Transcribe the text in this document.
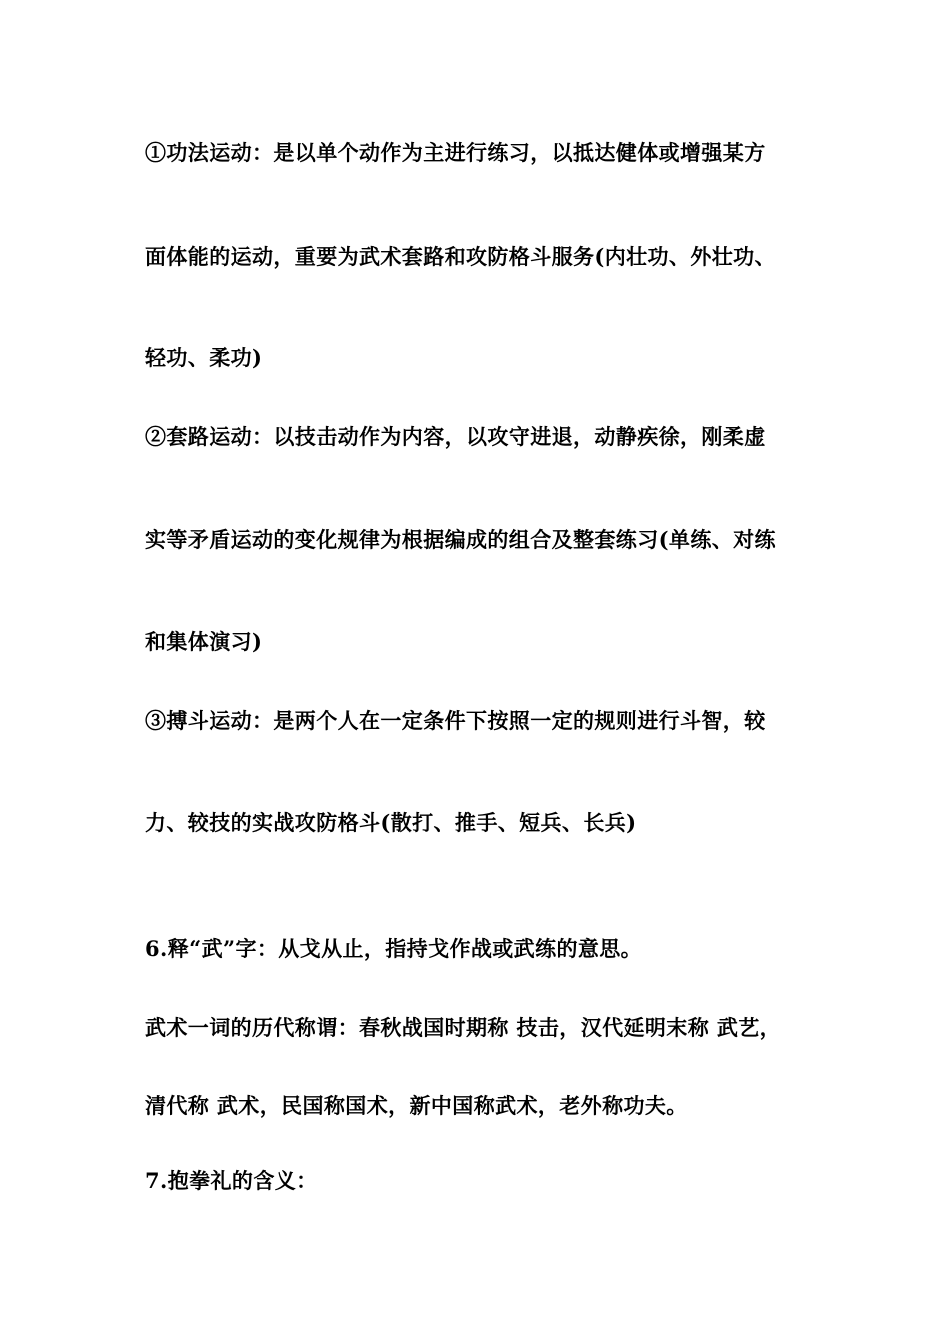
①功法运动：是以单个动作为主进行练习，以抵达健体或增强某方
面体能的运动，重要为武术套路和攻防格斗服务(内壮功、外壮功、
轻功、柔功)
②套路运动：以技击动作为内容，以攻守进退，动静疾徐，刚柔虚
实等矛盾运动的变化规律为根据编成的组合及整套练习(单练、对练
和集体演习)
③搏斗运动：是两个人在一定条件下按照一定的规则进行斗智，较
力、较技的实战攻防格斗(散打、推手、短兵、长兵)
6.释“武”字：从戈从止，指持戈作战或武练的意思。
武术一词的历代称谓：春秋战国时期称 技击，汉代延明末称 武艺，
清代称 武术，民国称国术，新中国称武术，老外称功夫。
7.抱拳礼的含义：
